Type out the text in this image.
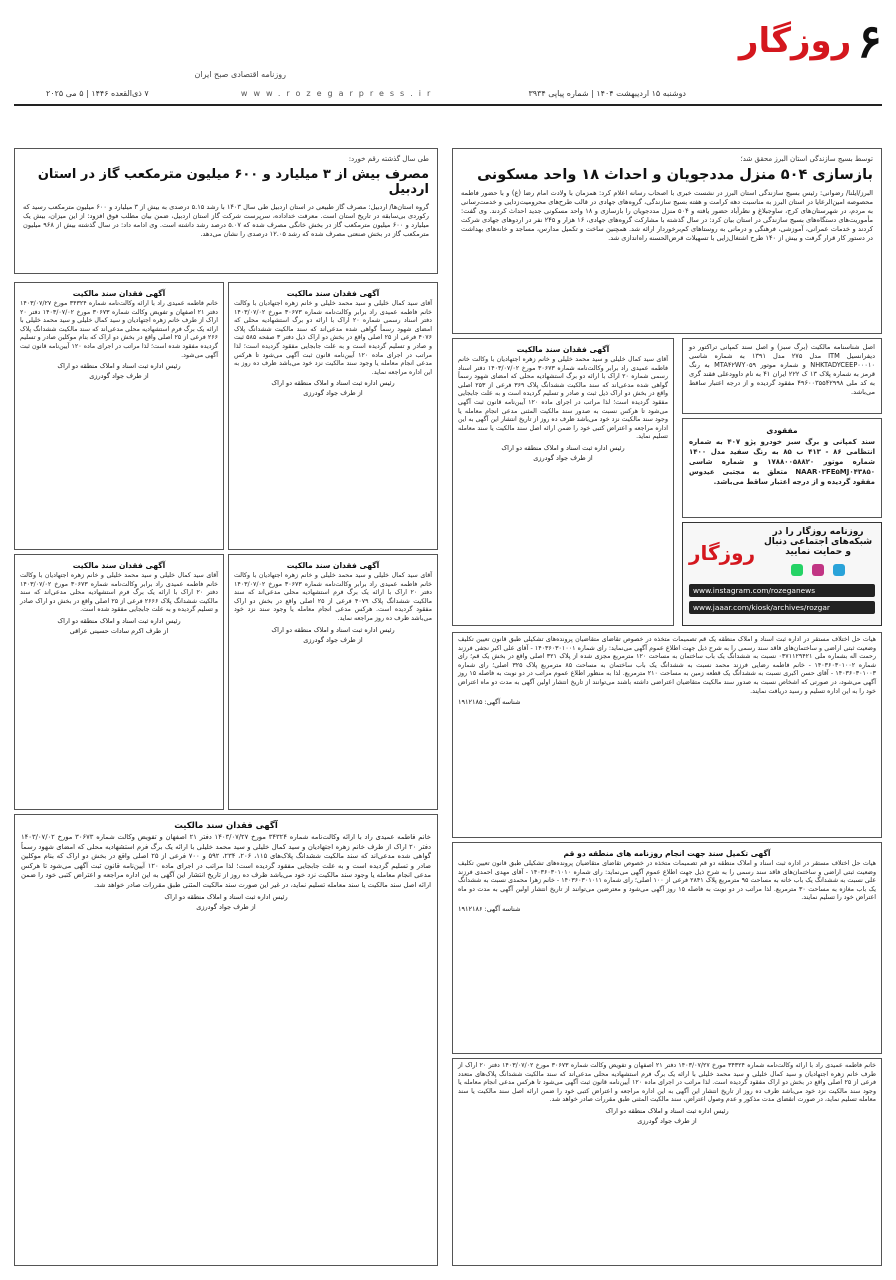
۶
روزگار
روزنامه اقتصادی صبح ایران
دوشنبه ۱۵ اردیبهشت ۱۴۰۴ | شماره پیاپی ۳۹۳۴
www.rozegarpress.ir
۷ ذی‌القعده ۱۴۴۶ | ۵ می ۲۰۲۵
توسط بسیج سازندگی استان البرز محقق شد؛
بازسازی ۵۰۴ منزل مددجویان و احداث ۱۸ واحد مسکونی
البرز/ایلنا/ رضوانی: رئیس بسیج سازندگی استان البرز در نشست خبری با اصحاب رسانه اعلام کرد: همزمان با ولادت امام رضا (ع) و با حضور فاطمه محصوصه امین‌الرعایا در استان البرز به مناسبت دهه کرامت و هفته بسیج سازندگی، گروه‌های جهادی در قالب طرح‌های محرومیت‌زدایی و خدمت‌رسانی به مردم، در شهرستان‌های کرج، ساوجبلاغ و نظرآباد حضور یافته و ۵۰۴ منزل مددجویان را بازسازی و ۱۸ واحد مسکونی جدید احداث کردند. وی گفت: مأموریت‌های دستگاه‌های بسیج سازندگی در استان بیان کرد: در سال گذشته با مشارکت گروه‌های جهادی، ۱۶ هزار و ۲۴۵ نفر در اردوهای جهادی شرکت کردند و خدمات عمرانی، آموزشی، فرهنگی و درمانی به روستاهای کم‌برخوردار ارائه شد. همچنین ساخت و تکمیل مدارس، مساجد و خانه‌های بهداشت در دستور کار قرار گرفت و بیش از ۱۴۰ طرح اشتغال‌زایی با تسهیلات قرض‌الحسنه راه‌اندازی شد.
طی سال گذشته رقم خورد:
مصرف بیش از ۳ میلیارد و ۶۰۰ میلیون مترمکعب گاز در استان اردبیل
گروه استان‌ها/ اردبیل: مصرف گاز طبیعی در استان اردبیل طی سال ۱۴۰۳ با رشد ۵.۱۵ درصدی به بیش از ۳ میلیارد و ۶۰۰ میلیون مترمکعب رسید که رکوردی بی‌سابقه در تاریخ استان است. معرفت خداداده، سرپرست شرکت گاز استان اردبیل، ضمن بیان مطلب فوق افزود: از این میزان، بیش یک میلیارد و ۶۰۰ میلیون مترمکعب گاز در بخش خانگی مصرف شده که ۵.۰۷ درصد رشد داشته است. وی ادامه داد: در سال گذشته بیش از ۹۶۸ میلیون مترمکعب گاز در بخش صنعتی مصرف شده که رشد ۱۲.۰۵ درصدی را نشان می‌دهد.
اصل شناسنامه مالکیت (برگ سبز) و اصل سند کمپانی تراکتور دو دیفرانسیل ITM مدل ۲۷۵ مدل ۱۳۹۱ به شماره شاسی NHKTADYCEEP۰۰۰۱۰ و شماره موتور MTA۴۲WY۰۵۹ به رنگ قرمز به شماره پلاک ۱۳ ک ۲۲۲ ایران ۴۱ به نام داوودعلی فقند گری به کد ملی ۴۹۶۰۰۳۵۵۴۲۹۹۸ مفقود گردیده و از درجه اعتبار ساقط می‌باشد.
مفقودی
سند کمپانی و برگ سبز خودرو پژو ۴۰۷ به شماره انتظامی ۸۶ - ۴۱۳ ب ۸۵ به رنگ سفید مدل ۱۴۰۰ شماره موتور ۱۷۸۸۰۰۵۸۸۲۰ و شماره شاسی NAAR۰۳FE۵MJ۰۴۳۸۵۰ متعلق به مجتبی عیدوس مفقود گردیده و از درجه اعتبار ساقط می‌باشد.
روزنامه روزگار را در شبکه‌های اجتماعی دنبال و حمایت نمایید

روزگار
www.instagram.com/rozeganews
www.jaaar.com/kiosk/archives/rozgar
آگهی فقدان سند مالکیت
آقای سید کمال خلیلی و سید محمد خلیلی و خانم زهره اجتهادیان با وکالت خانم فاطمه عمیدی راد برابر وکالت‌نامه شماره ۳۰۶۷۳ مورخ ۱۴۰۳/۰۷/۰۲ دفتر اسناد رسمی شماره ۲۰ اراک با ارائه دو برگ استشهادیه محلی که امضای شهود رسماً گواهی شده مدعی‌اند که سند مالکیت ششدانگ پلاک ۳۶۹ فرعی از ۲۵۳ اصلی واقع در بخش دو اراک ذیل ثبت و صادر و تسلیم گردیده است و به علت جابجایی مفقود گردیده است؛ لذا مراتب در اجرای ماده ۱۲۰ آیین‌نامه قانون ثبت آگهی می‌شود تا هرکس نسبت به صدور سند مالکیت المثنی مدعی انجام معامله یا وجود سند مالکیت نزد خود می‌باشد ظرف ده روز از تاریخ انتشار این آگهی به این اداره مراجعه و اعتراض کتبی خود را ضمن ارائه اصل سند مالکیت یا سند معامله تسلیم نماید.
رئیس اداره ثبت اسناد و املاک منطقه دو اراک
از طرف جواد گودرزی
آگهی فقدان سند مالکیت
آقای سید کمال خلیلی و سید محمد خلیلی و خانم زهره اجتهادیان با وکالت خانم فاطمه عمیدی راد برابر وکالت‌نامه شماره ۳۰۶۷۳ مورخ ۱۴۰۳/۰۷/۰۲ دفتر اسناد رسمی شماره ۲۰ اراک با ارائه دو برگ استشهادیه محلی که امضای شهود رسماً گواهی شده مدعی‌اند که سند مالکیت ششدانگ پلاک ۴۰۷۶ فرعی از ۲۵ اصلی واقع در بخش دو اراک ذیل دفتر ۳ صفحه ۵۸۵ ثبت و صادر و تسلیم گردیده است و به علت جابجایی مفقود گردیده است؛ لذا مراتب در اجرای ماده ۱۲۰ آیین‌نامه قانون ثبت آگهی می‌شود تا هرکس مدعی انجام معامله یا وجود سند مالکیت نزد خود می‌باشد ظرف ده روز به این اداره مراجعه نماید.
رئیس اداره ثبت اسناد و املاک منطقه دو اراک
از طرف جواد گودرزی
آگهی فقدان سند مالکیت
خانم فاطمه عمیدی راد با ارائه وکالت‌نامه شماره ۳۴۳۲۴ مورخ ۱۴۰۳/۰۷/۲۷ دفتر ۲۱ اصفهان و تفویض وکالت شماره ۳۰۶۷۳ مورخ ۱۴۰۳/۰۷/۰۲ دفتر ۲۰ اراک از طرف خانم زهره اجتهادیان و سید کمال خلیلی و سید محمد خلیلی با ارائه یک برگ فرم استشهادیه محلی مدعی‌اند که سند مالکیت ششدانگ پلاک ۲۶۶ فرعی از ۲۵ اصلی واقع در بخش دو اراک که بنام موکلین صادر و تسلیم گردیده مفقود شده است؛ لذا مراتب در اجرای ماده ۱۲۰ آیین‌نامه قانون ثبت آگهی می‌شود.
رئیس اداره ثبت اسناد و املاک منطقه دو اراک
از طرف جواد گودرزی
آگهی فقدان سند مالکیت
آقای سید کمال خلیلی و سید محمد خلیلی و خانم زهره اجتهادیان با وکالت خانم فاطمه عمیدی راد برابر وکالت‌نامه شماره ۳۰۶۷۳ مورخ ۱۴۰۳/۰۷/۰۲ دفتر ۲۰ اراک با ارائه یک برگ فرم استشهادیه محلی مدعی‌اند که سند مالکیت ششدانگ پلاک ۴۰۷۹ فرعی از ۲۵ اصلی واقع در بخش دو اراک مفقود گردیده است. هرکس مدعی انجام معامله یا وجود سند نزد خود می‌باشد ظرف ده روز مراجعه نماید.
رئیس اداره ثبت اسناد و املاک منطقه دو اراک
از طرف جواد گودرزی
آگهی فقدان سند مالکیت
آقای سید کمال خلیلی و سید محمد خلیلی و خانم زهره اجتهادیان با وکالت خانم فاطمه عمیدی راد برابر وکالت‌نامه شماره ۳۰۶۷۳ مورخ ۱۴۰۳/۰۷/۰۲ دفتر ۲۰ اراک با ارائه یک برگ فرم استشهادیه محلی مدعی‌اند که سند مالکیت ششدانگ پلاک ۲۶۶۶ فرعی از ۲۵ اصلی واقع در بخش دو اراک صادر و تسلیم گردیده و به علت جابجایی مفقود شده است.
رئیس اداره ثبت اسناد و املاک منطقه دو اراک
از طرف اکرم سادات حسینی عراقی
هیات حل اختلاف مستقر در اداره ثبت اسناد و املاک منطقه یک قم تصمیمات متخذه در خصوص تقاضای متقاضیان پرونده‌های تشکیلی طبق قانون تعیین تکلیف وضعیت ثبتی اراضی و ساختمان‌های فاقد سند رسمی را به شرح ذیل جهت اطلاع عموم آگهی می‌نماید: رای شماره ۱۴۰۳۶۰۳۰۱۰۰۱ - آقای علی اکبر نجفی فرزند رحمت اله بشماره ملی ۰۳۷۱۱۲۹۴۲۱ نسبت به ششدانگ یک باب ساختمان به مساحت ۱۲۰ مترمربع مجزی شده از پلاک ۳۲۱ اصلی واقع در بخش یک قم؛ رای شماره ۱۴۰۳۶۰۳۰۱۰۰۲ - خانم فاطمه رضایی فرزند محمد نسبت به ششدانگ یک باب ساختمان به مساحت ۸۵ مترمربع پلاک ۳۲۵ اصلی؛ رای شماره ۱۴۰۳۶۰۳۰۱۰۰۳ - آقای حسن اکبری نسبت به ششدانگ یک قطعه زمین به مساحت ۲۱۰ مترمربع. لذا به منظور اطلاع عموم مراتب در دو نوبت به فاصله ۱۵ روز آگهی می‌شود، در صورتی که اشخاص نسبت به صدور سند مالکیت متقاضیان اعتراضی داشته باشند می‌توانند از تاریخ انتشار اولین آگهی به مدت دو ماه اعتراض خود را به این اداره تسلیم و رسید دریافت نمایند.
شناسه آگهی: ۱۹۱۲۱۸۵
آگهی فقدان سند مالکیت
خانم فاطمه عمیدی راد با ارائه وکالت‌نامه شماره ۳۴۳۲۴ مورخ ۱۴۰۳/۰۷/۲۷ دفتر ۲۱ اصفهان و تفویض وکالت شماره ۳۰۶۷۳ مورخ ۱۴۰۳/۰۷/۰۲ دفتر ۲۰ اراک از طرف خانم زهره اجتهادیان و سید کمال خلیلی و سید محمد خلیلی با ارائه یک برگ فرم استشهادیه محلی که امضای شهود رسماً گواهی شده مدعی‌اند که سند مالکیت ششدانگ پلاک‌های ۱۱۵، ۲۰۶، ۲۳۴، ۵۹۲ و ۷۰۰ فرعی از ۲۵ اصلی واقع در بخش دو اراک که بنام موکلین صادر و تسلیم گردیده است و به علت جابجایی مفقود گردیده است؛ لذا مراتب در اجرای ماده ۱۲۰ آیین‌نامه قانون ثبت آگهی می‌شود تا هرکس مدعی انجام معامله یا وجود سند مالکیت نزد خود می‌باشد ظرف ده روز از تاریخ انتشار این آگهی به این اداره مراجعه و اعتراض کتبی خود را ضمن ارائه اصل سند مالکیت یا سند معامله تسلیم نماید، در غیر این صورت سند مالکیت المثنی طبق مقررات صادر خواهد شد.
رئیس اداره ثبت اسناد و املاک منطقه دو اراک
از طرف جواد گودرزی
آگهی تکمیل سند جهت انجام روزنامه های منطقه دو قم
هیات حل اختلاف مستقر در اداره ثبت اسناد و املاک منطقه دو قم تصمیمات متخذه در خصوص تقاضای متقاضیان پرونده‌های تشکیلی طبق قانون تعیین تکلیف وضعیت ثبتی اراضی و ساختمان‌های فاقد سند رسمی را به شرح ذیل جهت اطلاع عموم آگهی می‌نماید: رای شماره ۱۴۰۳۶۰۳۰۱۰۱۰ - آقای مهدی احمدی فرزند علی نسبت به ششدانگ یک باب خانه به مساحت ۹۵ مترمربع پلاک ۲۸۴۱ فرعی از ۱۰۰ اصلی؛ رای شماره ۱۴۰۳۶۰۳۰۱۰۱۱ - خانم زهرا محمدی نسبت به ششدانگ یک باب مغازه به مساحت ۳۰ مترمربع. لذا مراتب در دو نوبت به فاصله ۱۵ روز آگهی می‌شود و معترضین می‌توانند از تاریخ انتشار اولین آگهی به مدت دو ماه اعتراض خود را تسلیم نمایند.
شناسه آگهی: ۱۹۱۲۱۸۶
خانم فاطمه عمیدی راد با ارائه وکالت‌نامه شماره ۳۴۳۲۴ مورخ ۱۴۰۳/۰۷/۲۷ دفتر ۲۱ اصفهان و تفویض وکالت شماره ۳۰۶۷۳ مورخ ۱۴۰۳/۰۷/۰۲ دفتر ۲۰ اراک از طرف خانم زهره اجتهادیان و سید کمال خلیلی و سید محمد خلیلی با ارائه یک برگ فرم استشهادیه محلی مدعی‌اند که سند مالکیت ششدانگ پلاک‌های متعدد فرعی از ۲۵ اصلی واقع در بخش دو اراک مفقود گردیده است. لذا مراتب در اجرای ماده ۱۲۰ آیین‌نامه قانون ثبت آگهی می‌شود تا هرکس مدعی انجام معامله یا وجود سند مالکیت نزد خود می‌باشد ظرف ده روز از تاریخ انتشار این آگهی به این اداره مراجعه و اعتراض کتبی خود را ضمن ارائه اصل سند مالکیت یا سند معامله تسلیم نماید، در صورت انقضای مدت مذکور و عدم وصول اعتراض، سند مالکیت المثنی طبق مقررات صادر خواهد شد.
رئیس اداره ثبت اسناد و املاک منطقه دو اراک
از طرف جواد گودرزی
